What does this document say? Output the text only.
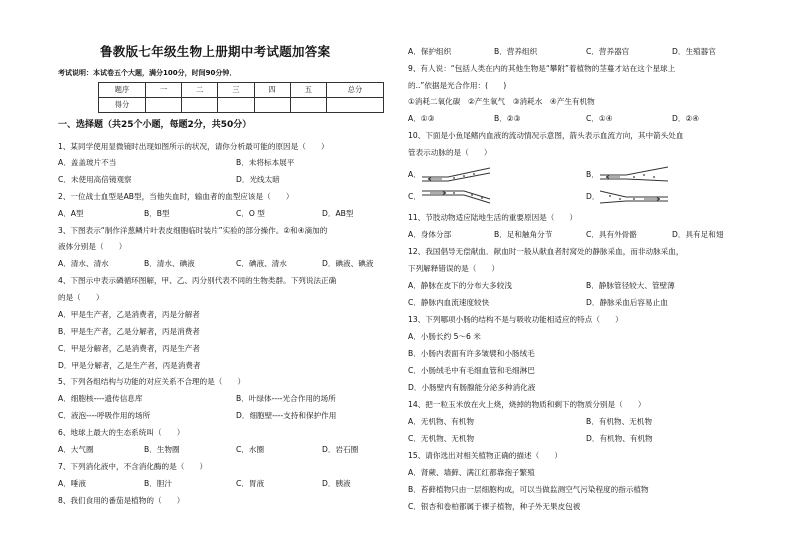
鲁教版七年级生物上册期中考试题加答案
考试说明：本试卷五个大题，满分100分，时间90分钟．
题序	一	二	三	四	五	总分
得分						
一、选择题（共25个小题，每题2分，共50分）
1、某同学使用显微镜时出现如图所示的状况，请你分析最可能的原因是（　　）
A．盖盖玻片不当	B．未将标本展平
C．未使用高倍镜观察	D．光线太暗
2、一位战士血型是AB型，当他失血时，输血者的血型应该是（　　）
A．A型	B．B型	C．O 型	D．AB型
3、下图表示“制作洋葱鳞片叶表皮细胞临时装片”实验的部分操作。②和④滴加的
液体分别是（　　）
A．清水、清水	B．清水、碘液	C．碘液、清水	D．碘液、碘液
4、下图示中表示磷循环图解，甲、乙、丙分别代表不同的生物类群。下列说法正确
的是（　　）
A．甲是生产者，乙是消费者，丙是分解者
B．甲是生产者，乙是分解者，丙是消费者
C．甲是分解者，乙是消费者，丙是生产者
D．甲是分解者，乙是生产者，丙是消费者
5、下列各组结构与功能的对应关系不合理的是（　　）
A．细胞核----遗传信息库	B．叶绿体----光合作用的场所
C．液泡----呼吸作用的场所	D．细胞壁----支持和保护作用
6、地球上最大的生态系统叫（　　）
A．大气圈	B．生物圈	C．水圈	D．岩石圈
7、下列消化液中，不含消化酶的是（　　）
A．唾液	B．胆汁	C．胃液	D．胰液
8、我们食用的番茄是植物的（　　）
A．保护组织	B．营养组织	C．营养器官	D．生殖器官
9、有人说：“包括人类在内的其他生物是“攀附”着植物的茎蔓才站在这个星球上
的..”依据是光合作用：(　　)
①消耗二氧化碳　②产生氧气　③消耗水　④产生有机物
A．①③	B．②③	C．①④	D．②④
10、下面是小鱼尾鳍内血液的流动情况示意图，箭头表示血流方向，其中箭头处血
管表示动脉的是（　　）
A．	B．
C．	D．
11、节肢动物适应陆地生活的重要原因是（　　）
A．身体分部	B．足和触角分节	C．具有外骨骼	D．具有足和翅
12、我国倡导无偿献血．献血时一般从献血者肘窝处的静脉采血，而非动脉采血，
下列解释错误的是（　　）
A．静脉在皮下的分布大多较浅	B．静脉管径较大、管壁薄
C．静脉内血流速度较快	D．静脉采血后容易止血
13、下列哪项小肠的结构不是与吸收功能相适应的特点（　　）
A．小肠长约 5～6 米
B．小肠内表面有许多皱襞和小肠绒毛
C．小肠绒毛中有毛细血管和毛细淋巴
D．小肠壁内有肠腺能分泌多种消化液
14、把一粒玉米放在火上烧，烧掉的物质和剩下的物质分别是（　　）
A．无机物、有机物	B．有机物、无机物
C．无机物、无机物	D．有机物、有机物
15、请你选出对相关植物正确的描述（　　）
A．肾蕨、墙藓、满江红都靠孢子繁殖
B．苔藓植物只由一层细胞构成，可以当做监测空气污染程度的指示植物
C．银杏和卷柏都属于裸子植物，种子外无果皮包被
